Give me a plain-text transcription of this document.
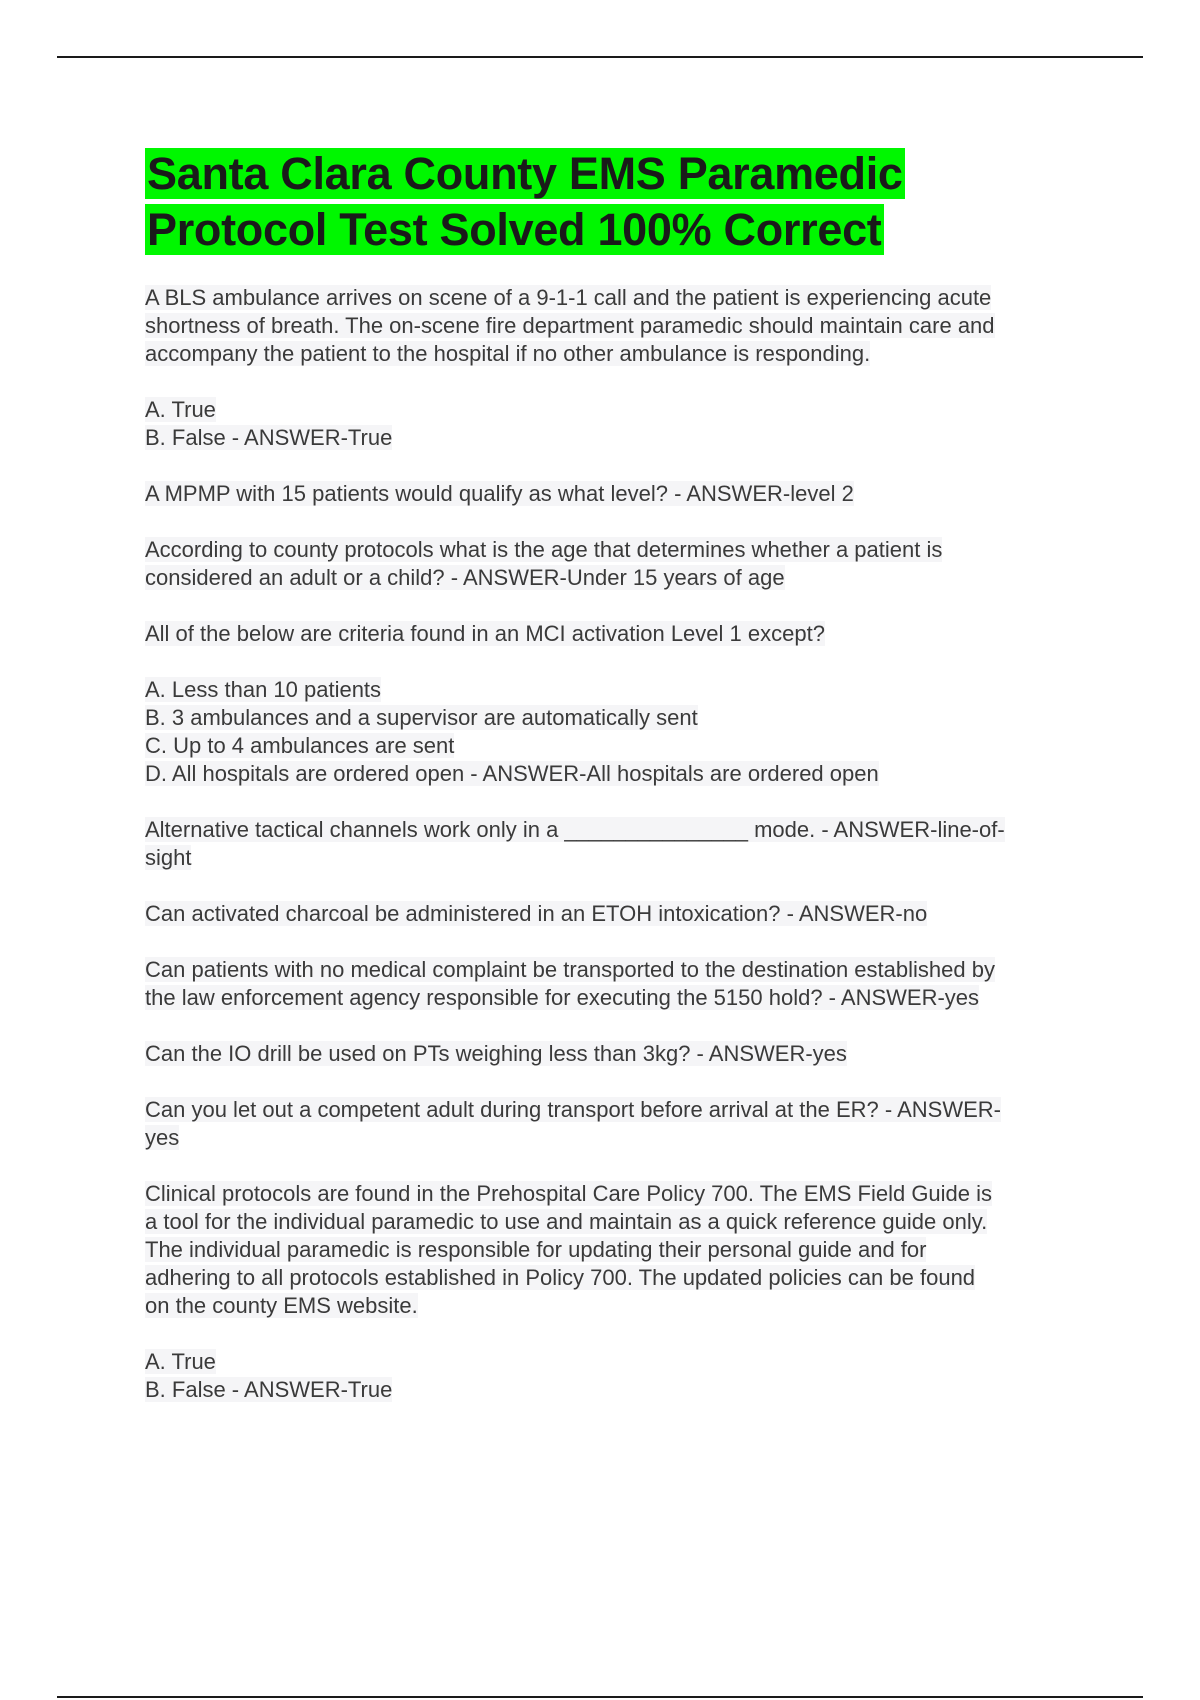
Santa Clara County EMS Paramedic
Protocol Test Solved 100% Correct
A BLS ambulance arrives on scene of a 9-1-1 call and the patient is experiencing acute
shortness of breath. The on-scene fire department paramedic should maintain care and
accompany the patient to the hospital if no other ambulance is responding.
A. True
B. False - ANSWER-True
A MPMP with 15 patients would qualify as what level? - ANSWER-level 2
According to county protocols what is the age that determines whether a patient is
considered an adult or a child? - ANSWER-Under 15 years of age
All of the below are criteria found in an MCI activation Level 1 except?
A. Less than 10 patients
B. 3 ambulances and a supervisor are automatically sent
C. Up to 4 ambulances are sent
D. All hospitals are ordered open - ANSWER-All hospitals are ordered open
Alternative tactical channels work only in a _______________ mode. - ANSWER-line-of-
sight
Can activated charcoal be administered in an ETOH intoxication? - ANSWER-no
Can patients with no medical complaint be transported to the destination established by
the law enforcement agency responsible for executing the 5150 hold? - ANSWER-yes
Can the IO drill be used on PTs weighing less than 3kg? - ANSWER-yes
Can you let out a competent adult during transport before arrival at the ER? - ANSWER-
yes
Clinical protocols are found in the Prehospital Care Policy 700. The EMS Field Guide is
a tool for the individual paramedic to use and maintain as a quick reference guide only.
The individual paramedic is responsible for updating their personal guide and for
adhering to all protocols established in Policy 700. The updated policies can be found
on the county EMS website.
A. True
B. False - ANSWER-True
